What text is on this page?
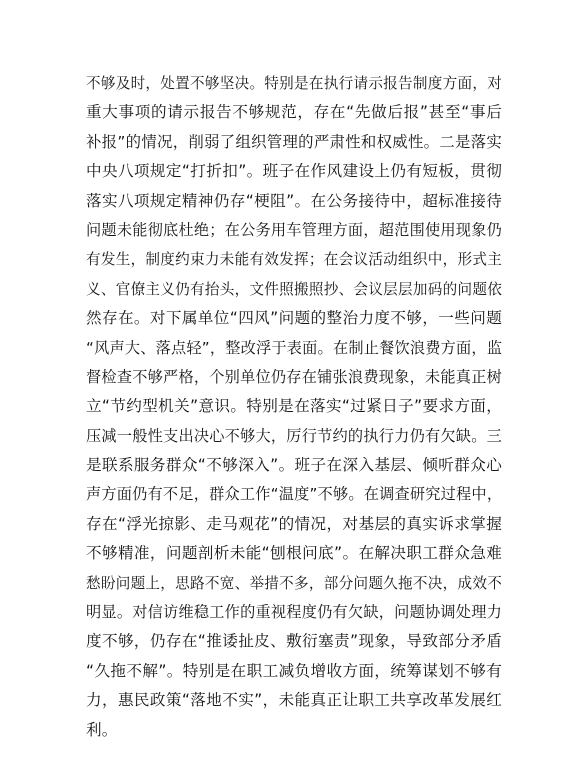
不够及时，处置不够坚决。特别是在执行请示报告制度方面，对
重大事项的请示报告不够规范，存在“先做后报”甚至“事后
补报”的情况，削弱了组织管理的严肃性和权威性。二是落实
中央八项规定“打折扣”。班子在作风建设上仍有短板，贯彻
落实八项规定精神仍存“梗阻”。在公务接待中，超标准接待
问题未能彻底杜绝；在公务用车管理方面，超范围使用现象仍
有发生，制度约束力未能有效发挥；在会议活动组织中，形式主
义、官僚主义仍有抬头，文件照搬照抄、会议层层加码的问题依
然存在。对下属单位“四风”问题的整治力度不够，一些问题
“风声大、落点轻”，整改浮于表面。在制止餐饮浪费方面，监
督检查不够严格，个别单位仍存在铺张浪费现象，未能真正树
立“节约型机关”意识。特别是在落实“过紧日子”要求方面，
压减一般性支出决心不够大，厉行节约的执行力仍有欠缺。三
是联系服务群众“不够深入”。班子在深入基层、倾听群众心
声方面仍有不足，群众工作“温度”不够。在调查研究过程中，
存在“浮光掠影、走马观花”的情况，对基层的真实诉求掌握
不够精准，问题剖析未能“刨根问底”。在解决职工群众急难
愁盼问题上，思路不宽、举措不多，部分问题久拖不决，成效不
明显。对信访维稳工作的重视程度仍有欠缺，问题协调处理力
度不够，仍存在“推诿扯皮、敷衍塞责”现象，导致部分矛盾
“久拖不解”。特别是在职工减负增收方面，统筹谋划不够有
力，惠民政策“落地不实”，未能真正让职工共享改革发展红
利。
